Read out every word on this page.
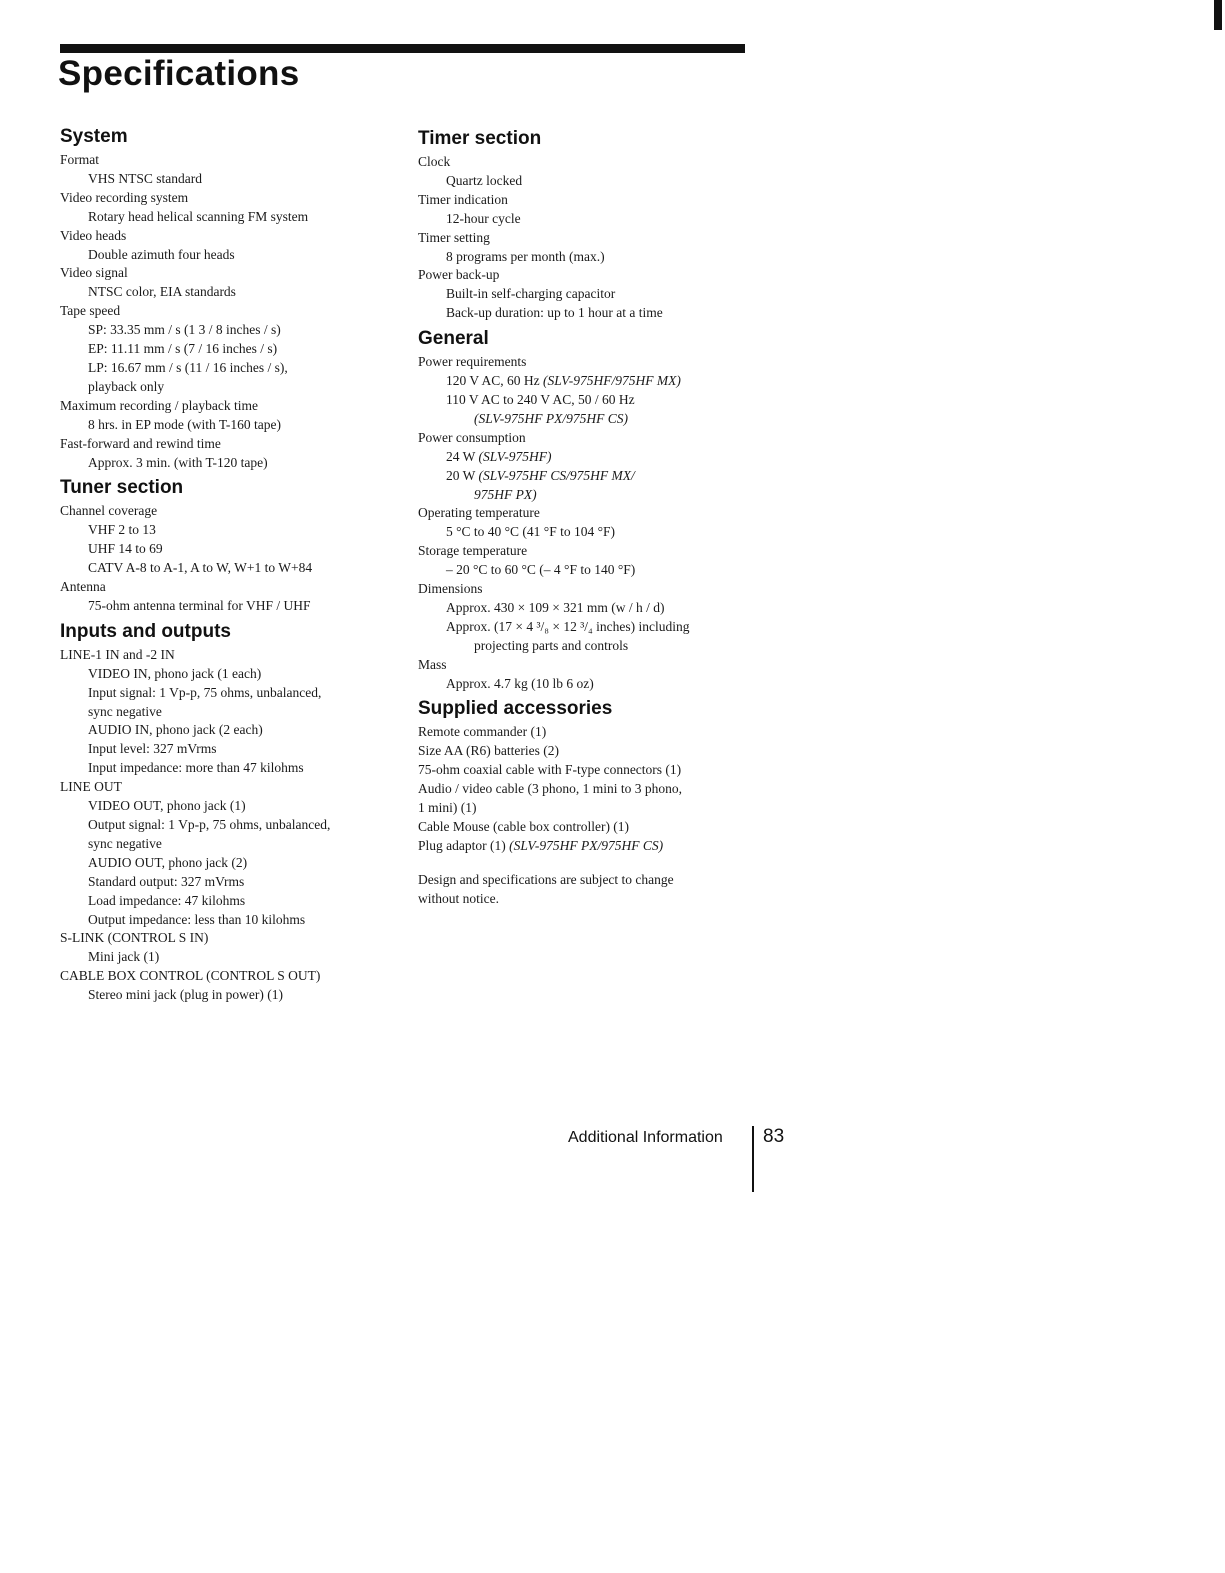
Specifications
System
Format
VHS NTSC standard
Video recording system
Rotary head helical scanning FM system
Video heads
Double azimuth four heads
Video signal
NTSC color, EIA standards
Tape speed
SP: 33.35 mm / s (1 3 / 8 inches / s)
EP: 11.11 mm / s (7 / 16 inches / s)
LP: 16.67 mm / s (11 / 16 inches / s),
playback only
Maximum recording / playback time
8 hrs. in EP mode (with T-160 tape)
Fast-forward and rewind time
Approx. 3 min. (with T-120 tape)
Tuner section
Channel coverage
VHF 2 to 13
UHF 14 to 69
CATV A-8 to A-1, A to W, W+1 to W+84
Antenna
75-ohm antenna terminal for VHF / UHF
Inputs and outputs
LINE-1 IN and -2 IN
VIDEO IN, phono jack (1 each)
Input signal: 1 Vp-p, 75 ohms, unbalanced,
sync negative
AUDIO IN, phono jack (2 each)
Input level: 327 mVrms
Input impedance: more than 47 kilohms
LINE OUT
VIDEO OUT, phono jack (1)
Output signal: 1 Vp-p, 75 ohms, unbalanced,
sync negative
AUDIO OUT, phono jack (2)
Standard output: 327 mVrms
Load impedance: 47 kilohms
Output impedance: less than 10 kilohms
S-LINK (CONTROL S IN)
Mini jack (1)
CABLE BOX CONTROL (CONTROL S OUT)
Stereo mini jack (plug in power) (1)
Timer section
Clock
Quartz locked
Timer indication
12-hour cycle
Timer setting
8 programs per month (max.)
Power back-up
Built-in self-charging capacitor
Back-up duration: up to 1 hour at a time
General
Power requirements
120 V AC, 60 Hz (SLV-975HF/975HF MX)
110 V AC to 240 V AC, 50 / 60 Hz
(SLV-975HF PX/975HF CS)
Power consumption
24 W (SLV-975HF)
20 W (SLV-975HF CS/975HF MX/
975HF PX)
Operating temperature
5 °C to 40 °C (41 °F to 104 °F)
Storage temperature
– 20 °C to 60 °C (– 4 °F to 140 °F)
Dimensions
Approx. 430 × 109 × 321 mm (w / h / d)
Approx. (17 × 4 ³/₈ × 12 ³/₄ inches) including
projecting parts and controls
Mass
Approx. 4.7 kg (10 lb 6 oz)
Supplied accessories
Remote commander (1)
Size AA (R6) batteries (2)
75-ohm coaxial cable with F-type connectors (1)
Audio / video cable (3 phono, 1 mini to 3 phono,
1 mini) (1)
Cable Mouse (cable box controller) (1)
Plug adaptor (1) (SLV-975HF PX/975HF CS)
Design and specifications are subject to change
without notice.
Additional Information 83
